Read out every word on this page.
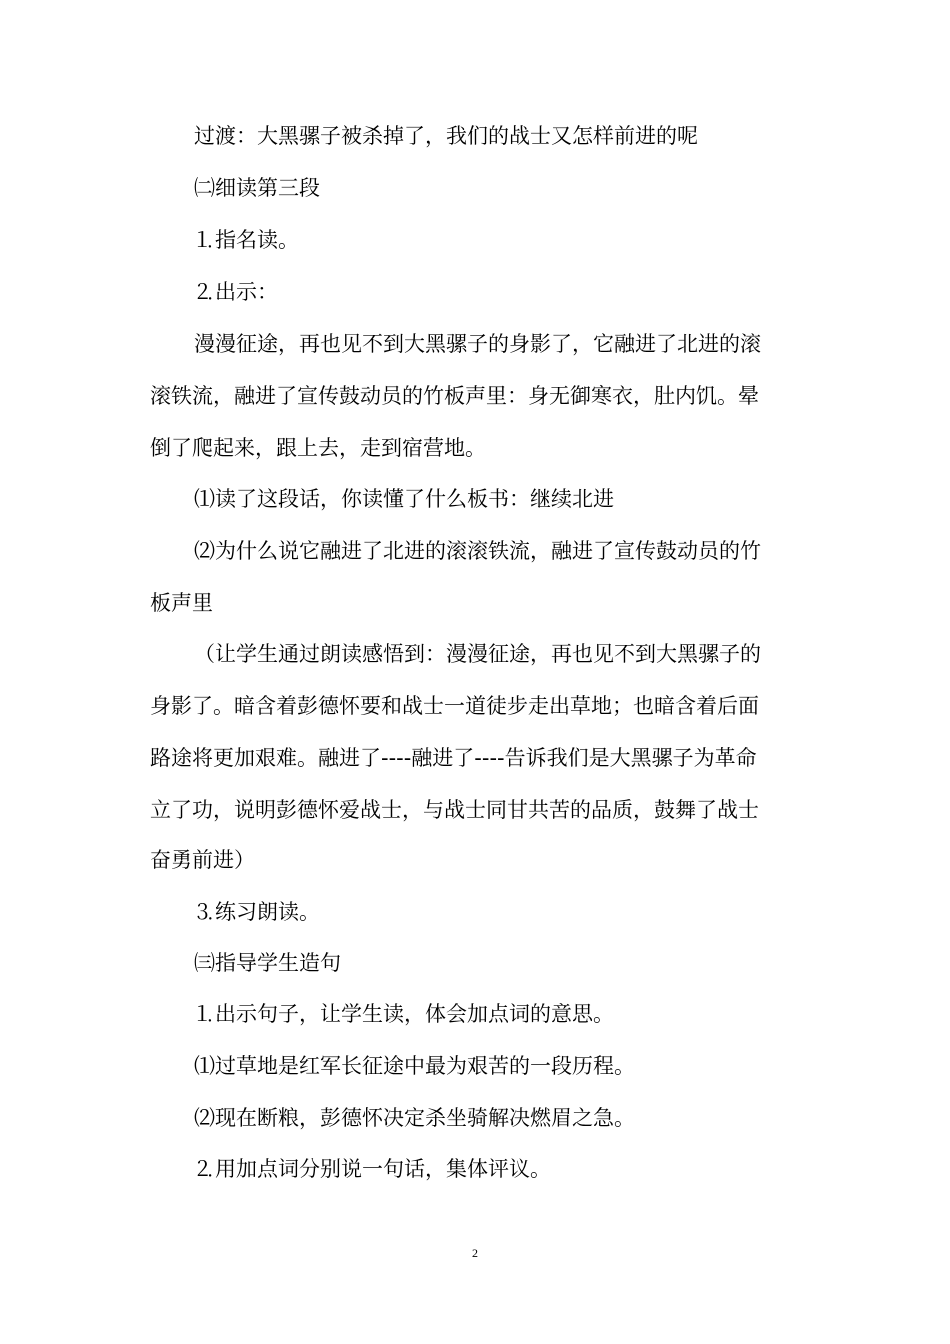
过渡：大黑骡子被杀掉了，我们的战士又怎样前进的呢
㈡细读第三段
⒈指名读。
⒉出示：
漫漫征途，再也见不到大黑骡子的身影了，它融进了北进的滚
滚铁流，融进了宣传鼓动员的竹板声里：身无御寒衣，肚内饥。晕
倒了爬起来，跟上去，走到宿营地。
⑴读了这段话，你读懂了什么板书：继续北进
⑵为什么说它融进了北进的滚滚铁流，融进了宣传鼓动员的竹
板声里
（让学生通过朗读感悟到：漫漫征途，再也见不到大黑骡子的
身影了。暗含着彭德怀要和战士一道徒步走出草地；也暗含着后面
路途将更加艰难。融进了----融进了----告诉我们是大黑骡子为革命
立了功，说明彭德怀爱战士，与战士同甘共苦的品质，鼓舞了战士
奋勇前进）
⒊练习朗读。
㈢指导学生造句
⒈出示句子，让学生读，体会加点词的意思。
⑴过草地是红军长征途中最为艰苦的一段历程。
⑵现在断粮，彭德怀决定杀坐骑解决燃眉之急。
⒉用加点词分别说一句话，集体评议。
2
